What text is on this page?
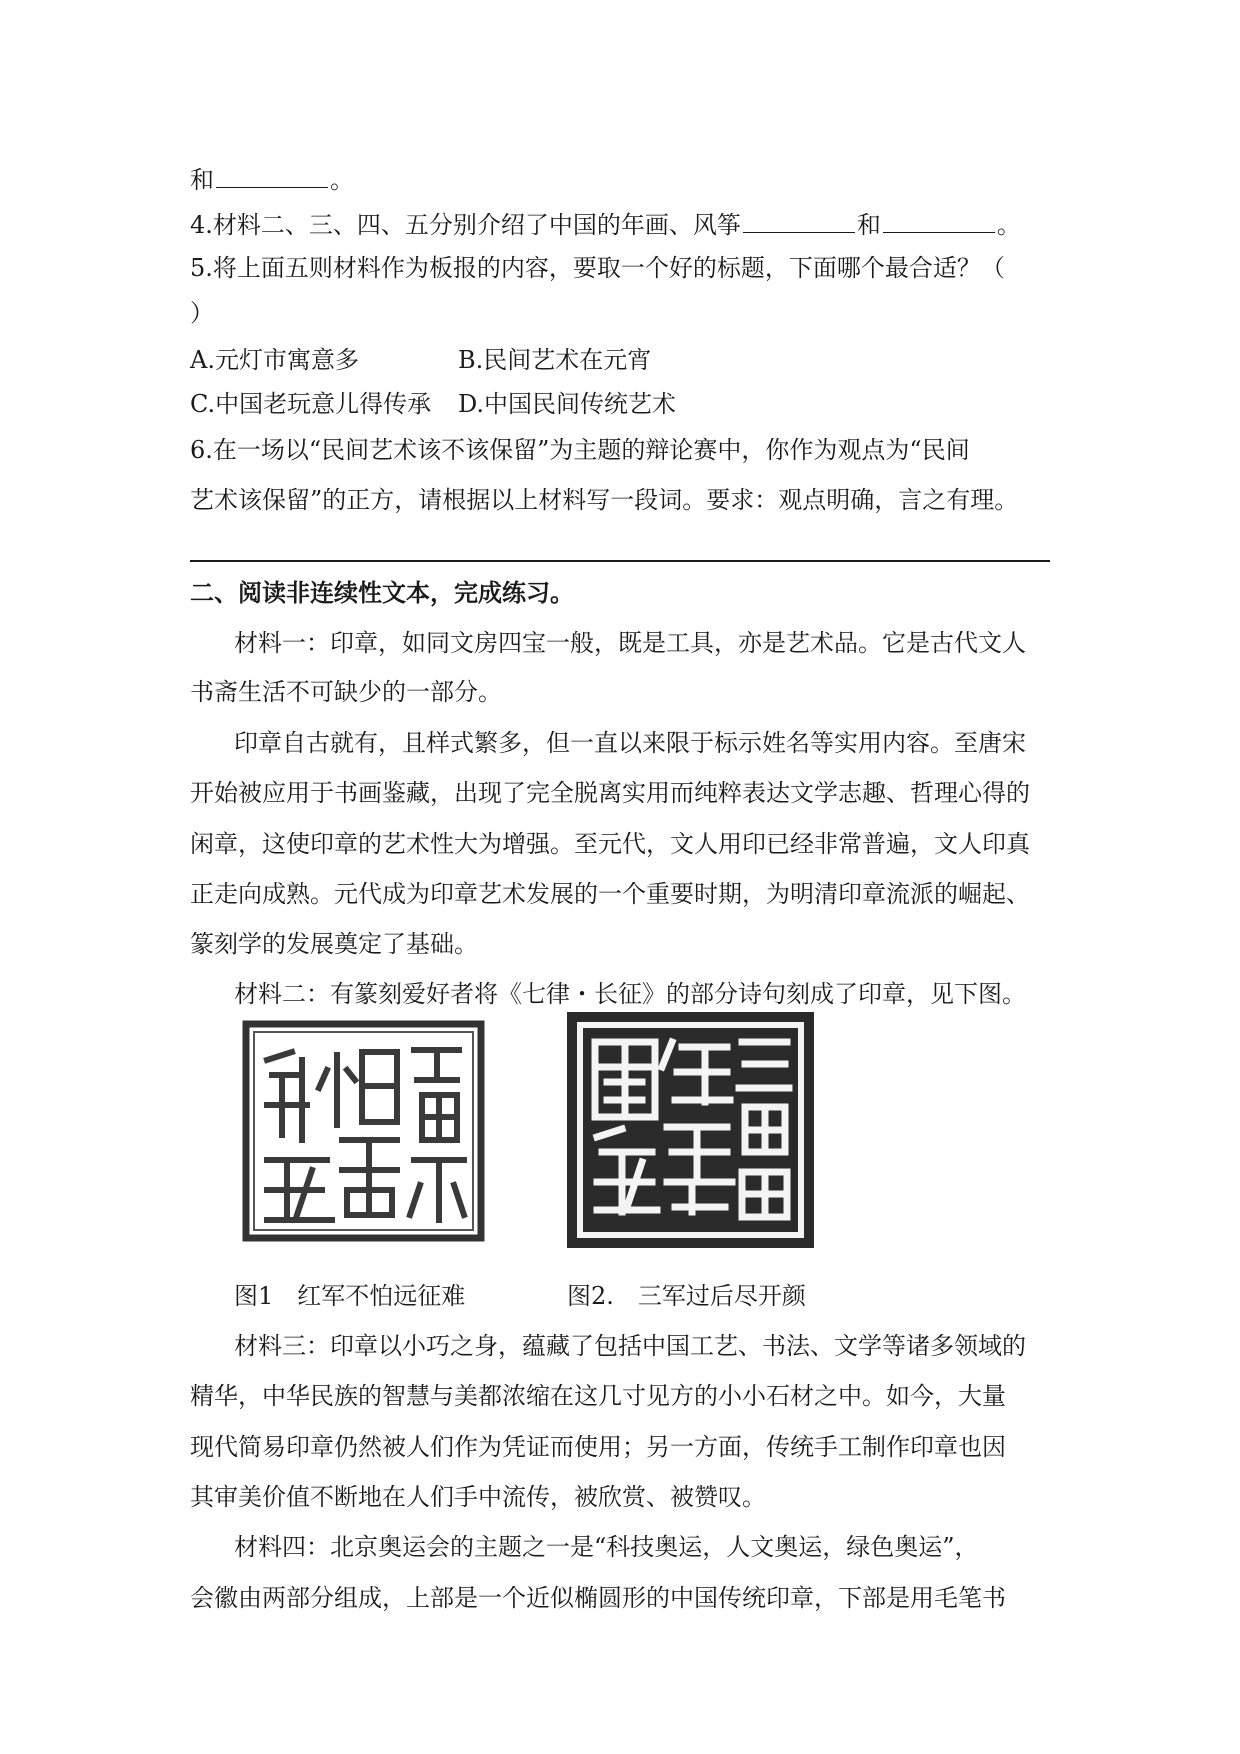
和	。
4.材料二、三、四、五分别介绍了中国的年画、风筝	和	。
5.将上面五则材料作为板报的内容，要取一个好的标题，下面哪个最合适？（
）
A.元灯市寓意多	B.民间艺术在元宵
C.中国老玩意儿得传承 D.中国民间传统艺术
6.在一场以“民间艺术该不该保留”为主题的辩论赛中，你作为观点为“民间
艺术该保留”的正方，请根据以上材料写一段词。要求：观点明确，言之有理。
二、阅读非连续性文本，完成练习。
材料一：印章，如同文房四宝一般，既是工具，亦是艺术品。它是古代文人
书斋生活不可缺少的一部分。
印章自古就有，且样式繁多，但一直以来限于标示姓名等实用内容。至唐宋
开始被应用于书画鉴藏，出现了完全脱离实用而纯粹表达文学志趣、哲理心得的
闲章，这使印章的艺术性大为增强。至元代，文人用印已经非常普遍，文人印真
正走向成熟。元代成为印章艺术发展的一个重要时期，为明清印章流派的崛起、
篆刻学的发展奠定了基础。
材料二：有篆刻爱好者将《七律・长征》的部分诗句刻成了印章，见下图。
图1　红军不怕远征难	图2.　三军过后尽开颜
材料三：印章以小巧之身，蕴藏了包括中国工艺、书法、文学等诸多领域的
精华，中华民族的智慧与美都浓缩在这几寸见方的小小石材之中。如今，大量
现代简易印章仍然被人们作为凭证而使用；另一方面，传统手工制作印章也因
其审美价值不断地在人们手中流传，被欣赏、被赞叹。
材料四：北京奥运会的主题之一是“科技奥运，人文奥运，绿色奥运”，
会徽由两部分组成，上部是一个近似椭圆形的中国传统印章，下部是用毛笔书
